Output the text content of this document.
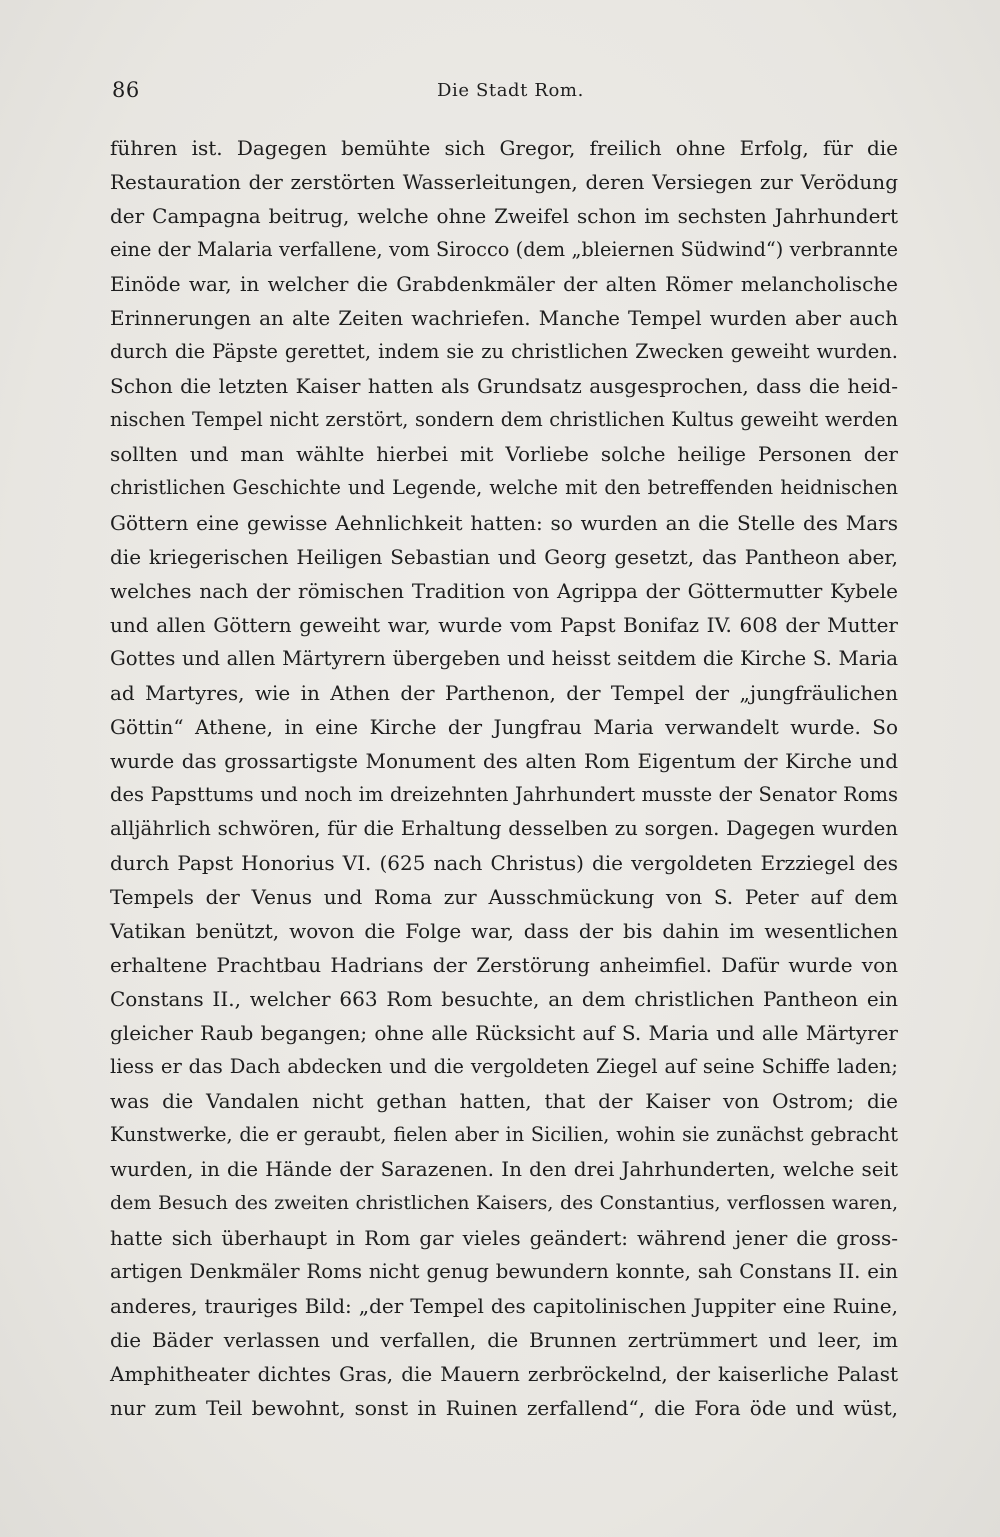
86	Die Stadt Rom.
führen ist. Dagegen bemühte sich Gregor, freilich ohne Erfolg, für die
Restauration der zerstörten Wasserleitungen, deren Versiegen zur Verödung
der Campagna beitrug, welche ohne Zweifel schon im sechsten Jahrhundert
eine der Malaria verfallene, vom Sirocco (dem „bleiernen Südwind“) verbrannte
Einöde war, in welcher die Grabdenkmäler der alten Römer melancholische
Erinnerungen an alte Zeiten wachriefen. Manche Tempel wurden aber auch
durch die Päpste gerettet, indem sie zu christlichen Zwecken geweiht wurden.
Schon die letzten Kaiser hatten als Grundsatz ausgesprochen, dass die heid-
nischen Tempel nicht zerstört, sondern dem christlichen Kultus geweiht werden
sollten und man wählte hierbei mit Vorliebe solche heilige Personen der
christlichen Geschichte und Legende, welche mit den betreffenden heidnischen
Göttern eine gewisse Aehnlichkeit hatten: so wurden an die Stelle des Mars
die kriegerischen Heiligen Sebastian und Georg gesetzt, das Pantheon aber,
welches nach der römischen Tradition von Agrippa der Göttermutter Kybele
und allen Göttern geweiht war, wurde vom Papst Bonifaz IV. 608 der Mutter
Gottes und allen Märtyrern übergeben und heisst seitdem die Kirche S. Maria
ad Martyres, wie in Athen der Parthenon, der Tempel der „jungfräulichen
Göttin“ Athene, in eine Kirche der Jungfrau Maria verwandelt wurde. So
wurde das grossartigste Monument des alten Rom Eigentum der Kirche und
des Papsttums und noch im dreizehnten Jahrhundert musste der Senator Roms
alljährlich schwören, für die Erhaltung desselben zu sorgen. Dagegen wurden
durch Papst Honorius VI. (625 nach Christus) die vergoldeten Erzziegel des
Tempels der Venus und Roma zur Ausschmückung von S. Peter auf dem
Vatikan benützt, wovon die Folge war, dass der bis dahin im wesentlichen
erhaltene Prachtbau Hadrians der Zerstörung anheimfiel. Dafür wurde von
Constans II., welcher 663 Rom besuchte, an dem christlichen Pantheon ein
gleicher Raub begangen; ohne alle Rücksicht auf S. Maria und alle Märtyrer
liess er das Dach abdecken und die vergoldeten Ziegel auf seine Schiffe laden;
was die Vandalen nicht gethan hatten, that der Kaiser von Ostrom; die
Kunstwerke, die er geraubt, fielen aber in Sicilien, wohin sie zunächst gebracht
wurden, in die Hände der Sarazenen. In den drei Jahrhunderten, welche seit
dem Besuch des zweiten christlichen Kaisers, des Constantius, verflossen waren,
hatte sich überhaupt in Rom gar vieles geändert: während jener die gross-
artigen Denkmäler Roms nicht genug bewundern konnte, sah Constans II. ein
anderes, trauriges Bild: „der Tempel des capitolinischen Juppiter eine Ruine,
die Bäder verlassen und verfallen, die Brunnen zertrümmert und leer, im
Amphitheater dichtes Gras, die Mauern zerbröckelnd, der kaiserliche Palast
nur zum Teil bewohnt, sonst in Ruinen zerfallend“, die Fora öde und wüst,
